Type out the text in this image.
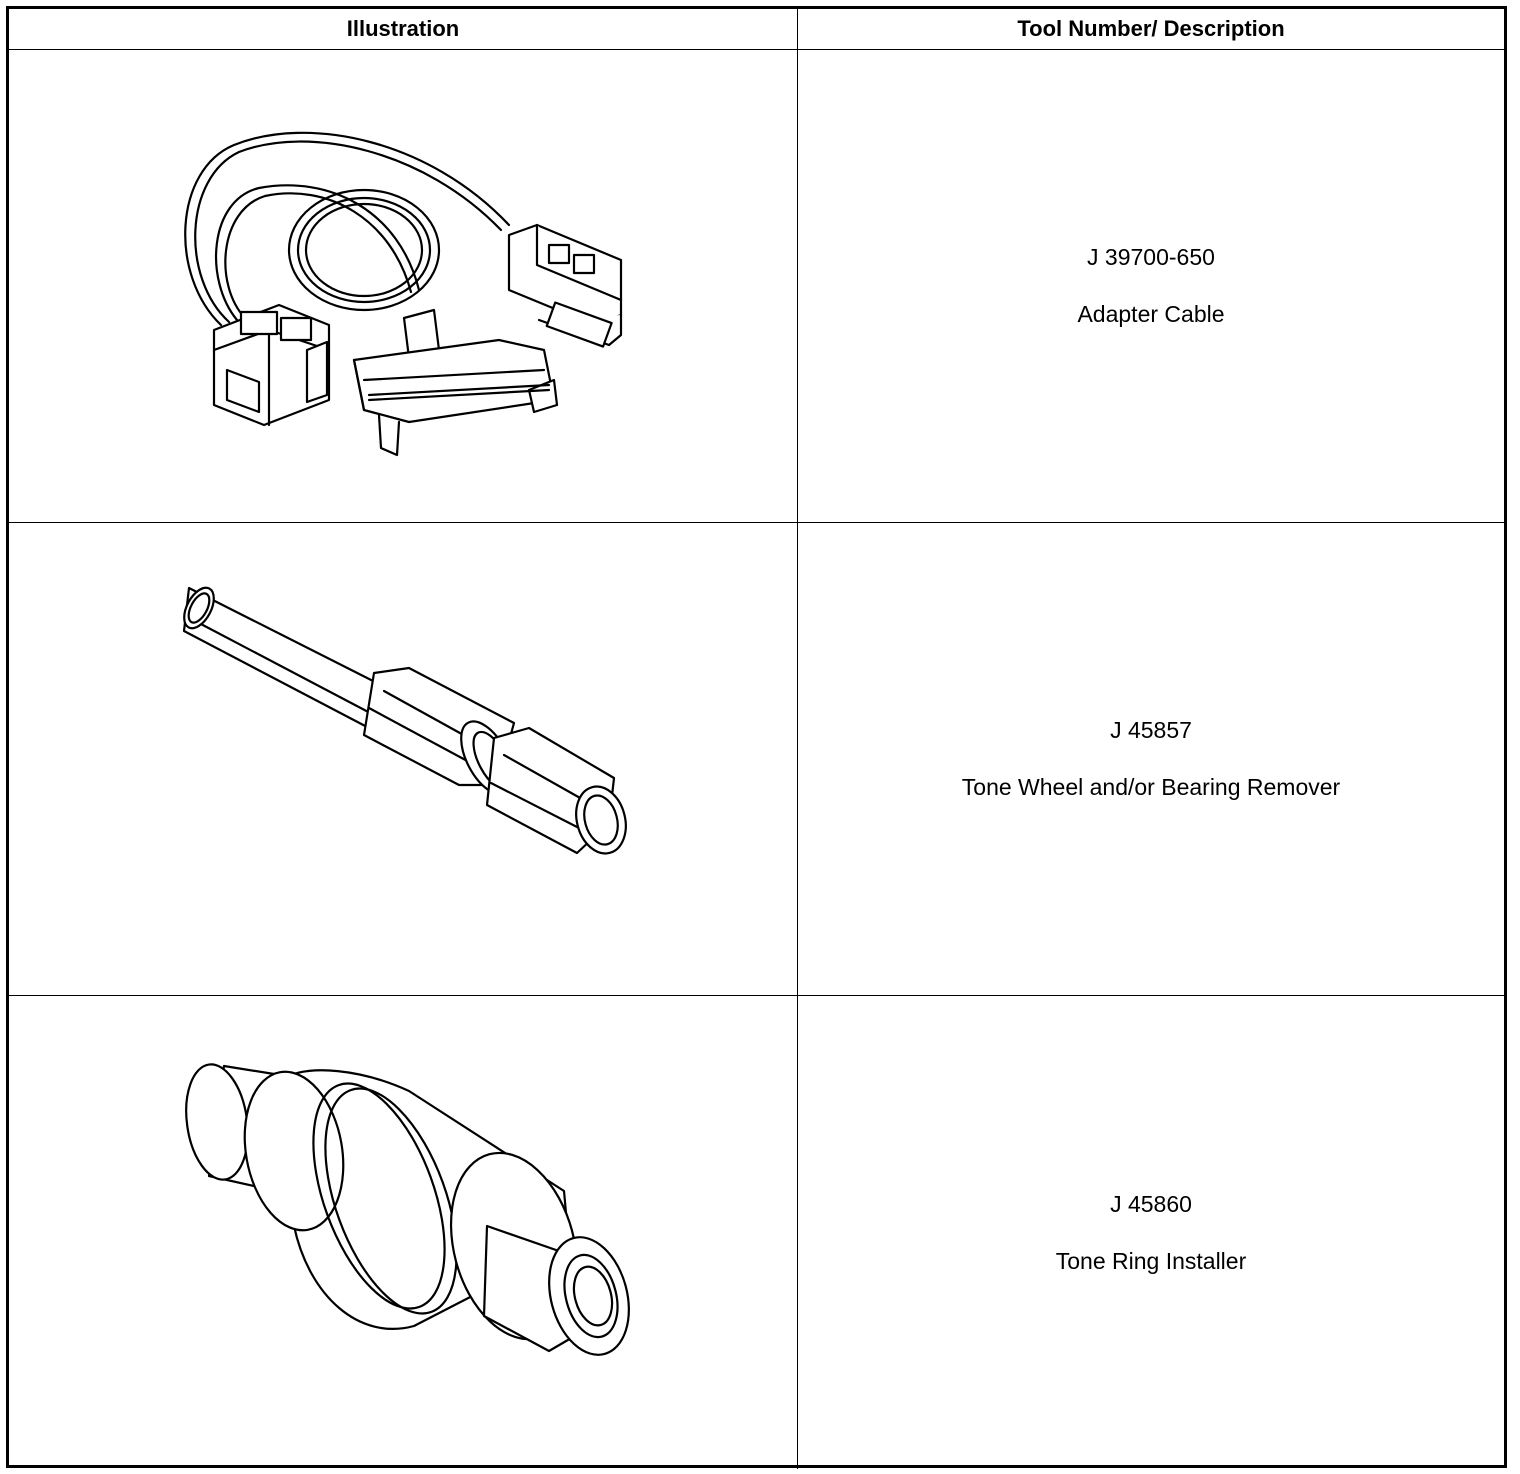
Illustration	Tool Number/ Description
J 39700-650
Adapter Cable
J 45857
Tone Wheel and/or Bearing Remover
J 45860
Tone Ring Installer
